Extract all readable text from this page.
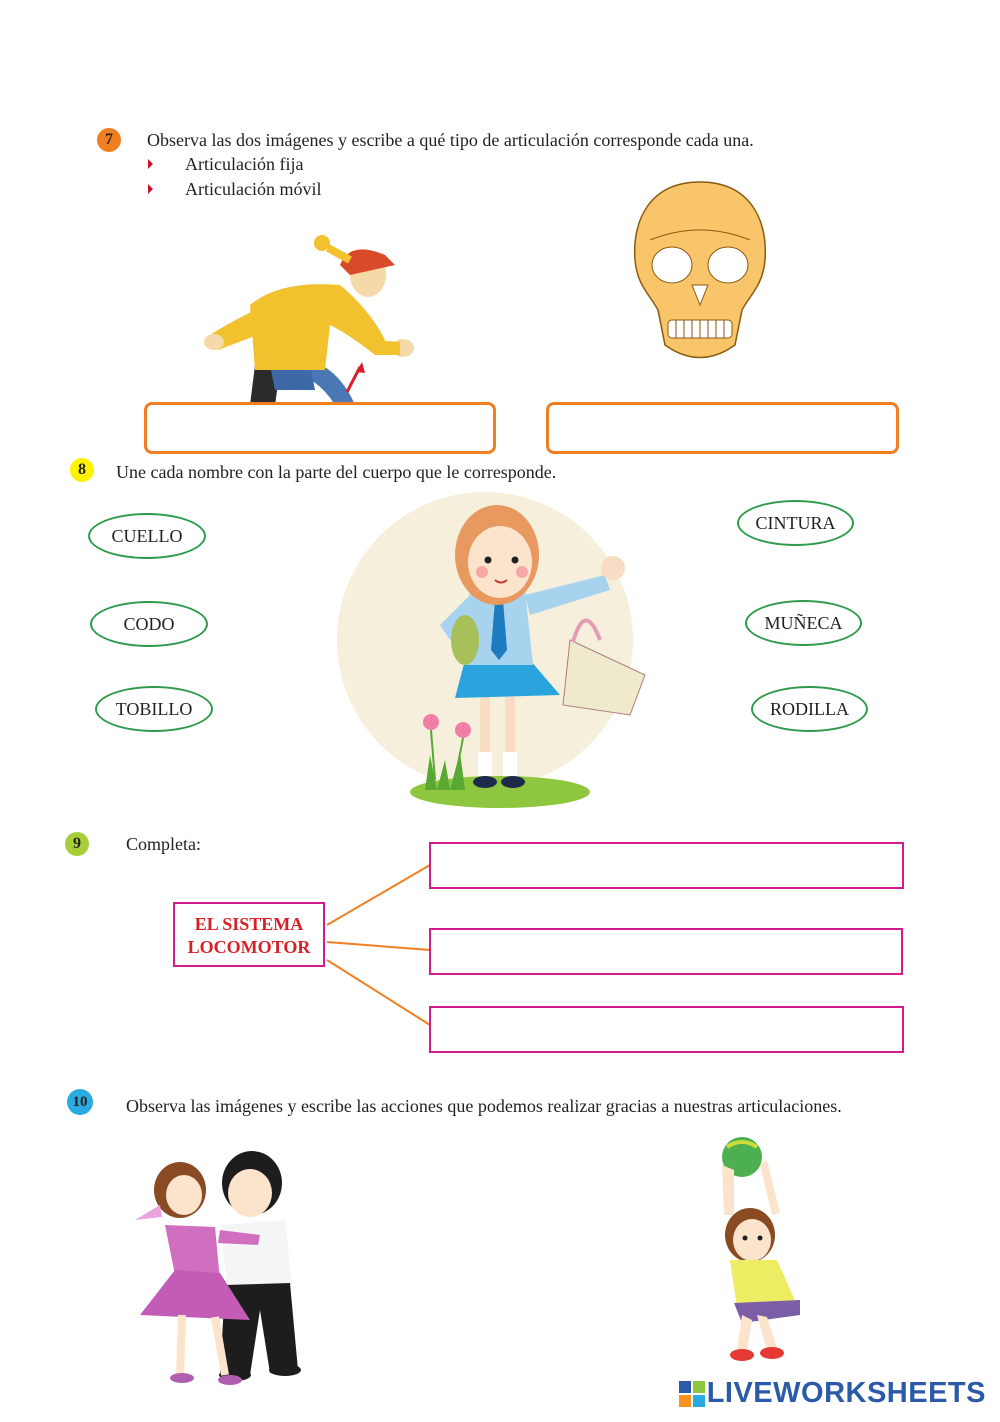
7	Observa las dos imágenes y escribe a qué tipo de articulación corresponde cada una.
Articulación fija
Articulación móvil
8	Une cada nombre con la parte del cuerpo que le corresponde.
CUELLO
CODO
TOBILLO
CINTURA
MUÑECA
RODILLA
9	Completa:
EL SISTEMA
LOCOMOTOR
10	Observa las imágenes y escribe las acciones que podemos realizar gracias a nuestras articulaciones.
LIVEWORKSHEETS
